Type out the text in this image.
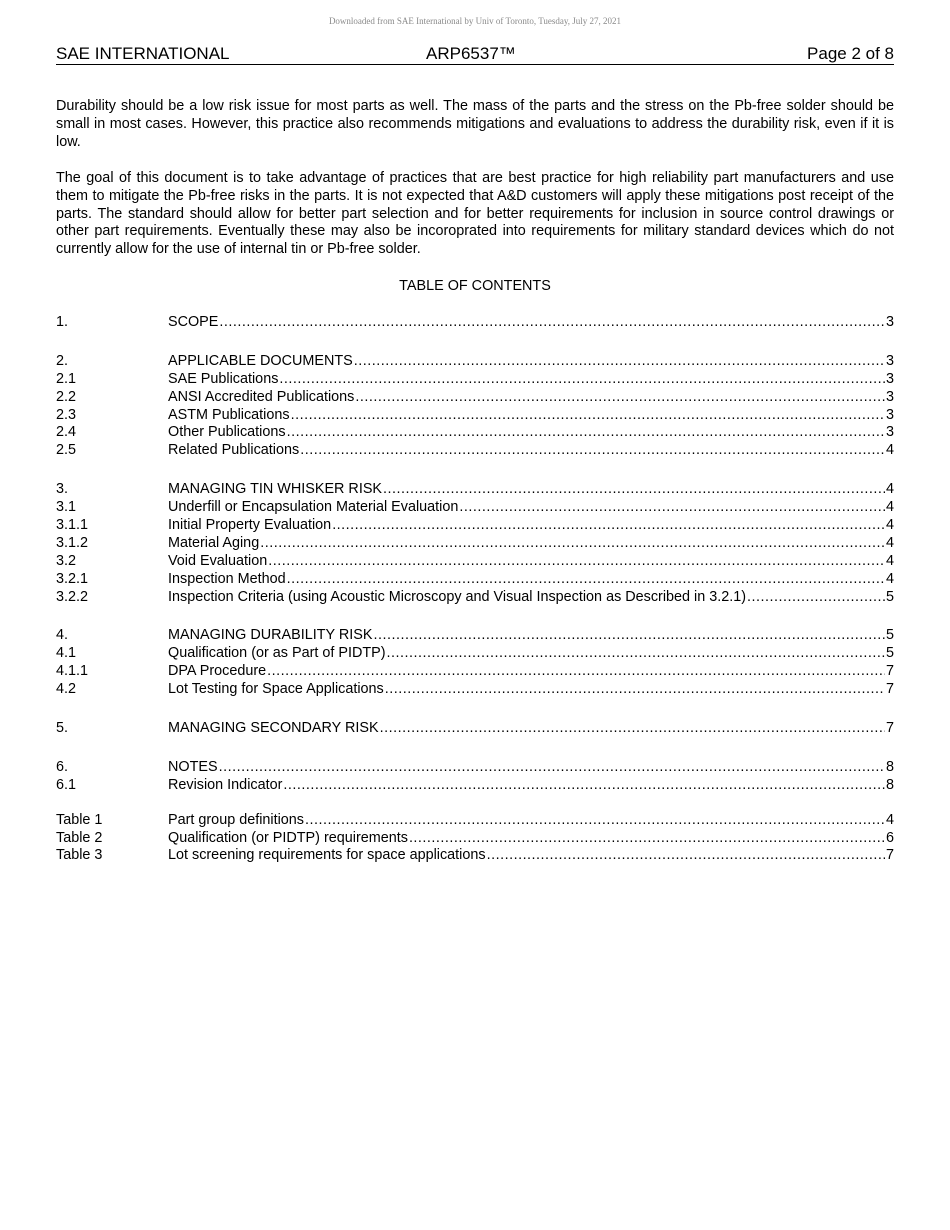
Downloaded from SAE International by Univ of Toronto, Tuesday, July 27, 2021
SAE INTERNATIONAL	ARP6537™	Page 2 of 8

Durability should be a low risk issue for most parts as well. The mass of the parts and the stress on the Pb-free solder should be small in most cases. However, this practice also recommends mitigations and evaluations to address the durability risk, even if it is low.

The goal of this document is to take advantage of practices that are best practice for high reliability part manufacturers and use them to mitigate the Pb-free risks in the parts. It is not expected that A&D customers will apply these mitigations post receipt of the parts. The standard should allow for better part selection and for better requirements for inclusion in source control drawings or other part requirements. Eventually these may also be incoroprated into requirements for military standard devices which do not currently allow for the use of internal tin or Pb-free solder.

TABLE OF CONTENTS
1.	SCOPE .....	3
2.	APPLICABLE DOCUMENTS .....	3
2.1	SAE Publications .....	3
2.2	ANSI Accredited Publications .....	3
2.3	ASTM Publications .....	3
2.4	Other Publications .....	3
2.5	Related Publications .....	4
3.	MANAGING TIN WHISKER RISK .....	4
3.1	Underfill or Encapsulation Material Evaluation .....	4
3.1.1	Initial Property Evaluation .....	4
3.1.2	Material Aging .....	4
3.2	Void Evaluation .....	4
3.2.1	Inspection Method .....	4
3.2.2	Inspection Criteria (using Acoustic Microscopy and Visual Inspection as Described in 3.2.1) .....	5
4.	MANAGING DURABILITY RISK .....	5
4.1	Qualification (or as Part of PIDTP) .....	5
4.1.1	DPA Procedure .....	7
4.2	Lot Testing for Space Applications .....	7
5.	MANAGING SECONDARY RISK .....	7
6.	NOTES .....	8
6.1	Revision Indicator .....	8
Table 1	Part group definitions .....	4
Table 2	Qualification (or PIDTP) requirements .....	6
Table 3	Lot screening requirements for space applications .....	7
